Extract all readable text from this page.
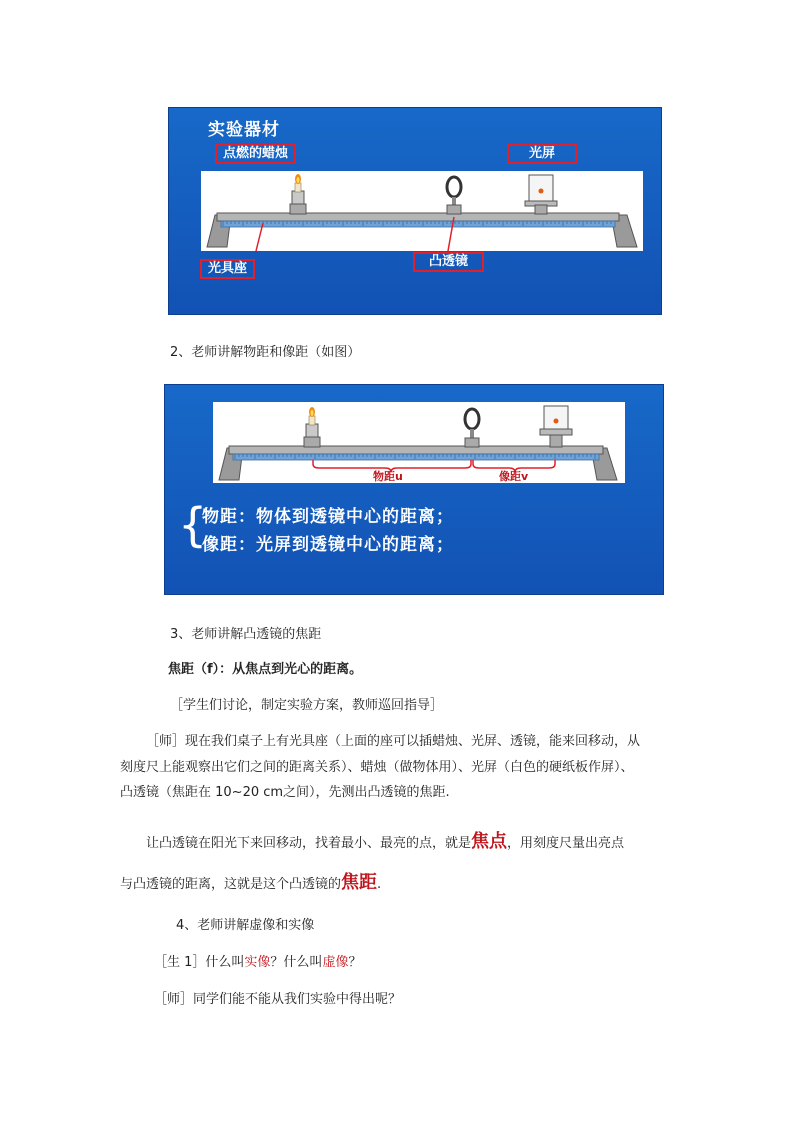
实验器材
点燃的蜡烛	光屏
光具座	凸透镜

2、老师讲解物距和像距（如图）

物距u	像距v
{
物距：物体到透镜中心的距离；
像距：光屏到透镜中心的距离；

3、老师讲解凸透镜的焦距

焦距（f）：从焦点到光心的距离。

［学生们讨论，制定实验方案，教师巡回指导］

［师］现在我们桌子上有光具座（上面的座可以插蜡烛、光屏、透镜，能来回移动，从

刻度尺上能观察出它们之间的距离关系）、蜡烛（做物体用）、光屏（白色的硬纸板作屏）、

凸透镜（焦距在 10~20 cm之间），先测出凸透镜的焦距.

让凸透镜在阳光下来回移动，找着最小、最亮的点，就是焦点，用刻度尺量出亮点

与凸透镜的距离，这就是这个凸透镜的焦距.

4、老师讲解虚像和实像

［生 1］什么叫实像？什么叫虚像？

［师］同学们能不能从我们实验中得出呢？
